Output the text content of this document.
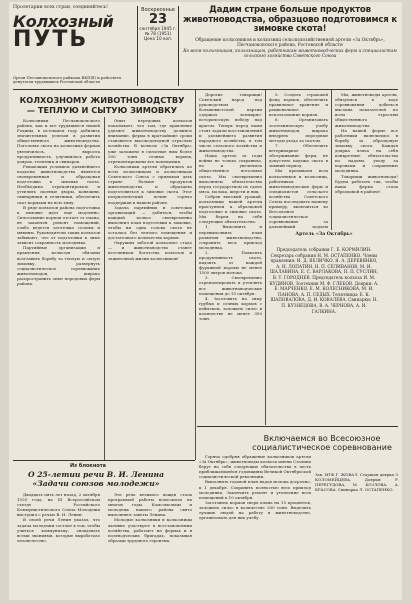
Пролетарии всех стран, соединяйтесь!
Колхозный
ПУТЬ
Орган Песчанокопского райкома ВКП(б) и райсовета депутатов трудящихся Ростовской области
Воскресенье
23
сентября 1945 г.
№ 78 (1951)
Цена 10 коп.
Дадим стране больше продуктов животноводства, образцово подготовимся к зимовке скота!
Обращение колхозников и колхозниц сельскохозяйственной артели «За Октябрь», Песчанокопского района, Ростовской области
Ко всем колхозникам, колхозницам, работникам животноводческих ферм и специалистам сельского хозяйства Советского Союза
КОЛХОЗНОМУ ЖИВОТНОВОДСТВУ — ТЕПЛУЮ И СЫТУЮ ЗИМОВКУ

Колхозники Песчанокопского района, как и все трудящиеся нашей Родины, в истекшем году добились значительных успехов в развитии общественного животноводства. Поголовье скота на колхозных фермах увеличилось, выросла продуктивность, улучшилась работа доярок, телятниц и свинарок.

Решающим условием дальнейшего подъема животноводства является своевременная и образцовая подготовка к зимовке скота. Необходимо отремонтировать и утеплить скотные дворы, конюшни, свинарники и телятники, обеспечить скот кормами на всю зиму.

В ряде колхозов района подготовка к зимовке идет еще медленно. Силосование кормов отстает от плана, не закончен ремонт помещений, слабо ведется заготовка соломы и мякины. Руководители таких колхозов забывают, что от подготовки к зиме зависит сохранность молодняка.

Партийные организации и правления колхозов обязаны возглавить борьбу за теплую и сытую зимовку, развернуть социалистическое соревнование животноводов, широко распространить опыт передовых ферм района.

Опыт передовых колхозов показывает, что там, где правление уделяет животноводству должное внимание, ферма в кратчайшие сроки становится высокодоходной отраслью хозяйства. В колхозе «За Октябрь» уже заложено в силосные ямы более 300 тонн сочных кормов, отремонтированы все помещения.

Колхозники артели обратились ко всем колхозникам и колхозницам Советского Союза с призывом дать стране больше продуктов животноводства и образцово подготовиться к зимовке скота. Этот патриотический почин горячо поддержан в нашем районе.

Задача партийных и советских организаций — добиться, чтобы каждый колхоз своевременно выполнил план подготовки к зимовке, чтобы ни одна голова скота не осталась без теплого помещения и достаточного количества кормов.

Окружим заботой колхозное стадо — и животноводство станет источником богатства колхозов и зажиточной жизни колхозников!

Дорогие товарищи! Советский народ под руководством большевистской партии одержал всемирно-историческую победу над врагом. Теперь перед нами стоят задачи восстановления и дальнейшего развития народного хозяйства, в том числе сельского хозяйства и животноводства.

Наша артель за годы войны не только сохранила, но и увеличила общественное поголовье скота. Мы своевременно выполняем обязательства перед государством по сдаче мяса, молока, шерсти и яиц.

Собрав высокий урожай, колхозники нашей артели приступили к образцовой подготовке к зимовке скота. Мы берем на себя следующие обязательства:

1. Выполнить и перевыполнить план развития животноводства, сохранить весь приплод молодняка.

2. Повысить продуктивность скота, надоить от каждой фуражной коровы не менее 1500 литров молока.

3. Своевременно отремонтировать и утеплить все животноводческие помещения до 15 октября.

4. Заготовить на зиму грубых и сочных кормов с избытком, заложить силос в количестве не менее 350 тонн.

5. Создать страховой фонд кормов, обеспечить правильное хранение и рациональное использование кормов.

6. Организовать зоотехническую учебу животноводов, широко внедрять передовые методы ухода за скотом.

7. Обеспечить ветеринарное обслуживание ферм, не допустить падежа скота в зимний период.

Мы призываем всех колхозников и колхозниц, работников животноводческих ферм и специалистов сельского хозяйства Советского Союза последовать нашему примеру, включиться во Всесоюзное социалистическое соревнование за дальнейший подъем

Мы, животноводы артели, обязуемся в ходе соревнования добиться высоких показателей по всем отраслям общественного животноводства.

На нашей ферме все работники включились в борьбу за образцовую зимовку скота. Каждая доярка взяла на себя конкретные обязательства по надоям, уходу за коровами и сохранению молодняка.

Товарищи животноводы! Будем работать так, чтобы наша ферма стала образцовой в районе!

Артель «За Октябрь»
Председатель собрания Г. Е. КОРМИЛИН. Секретарь собрания Н. М. ОСТАПЕНКО. Члены правления: И. Д. ВЕЛИЧКО, Я. А. ДЕРЕВЯНКО, А. Н. ЛОПАТИН, Н. П. СЕЛИВАНОВ, М. И. ШАЛАВИНА, Е. С. ВАРЛАКОВА, П. П. СУСЛИН, В. Т. ГОРОДНЕВ. Председатель колхоза И. М. КУДИНОВ. Зоотехник М. Ф. ГЛЕБОВ. Доярки: А. Е. МАРЧЕНКО, Е. М. КОЛЕСНИКОВА, М. И. ПАНОВА, А. П. СЕДЫХ. Телятницы: Е. К. ШАПОВАЛОВА, Д. И. КОВАЛЕВА. Свинарки: Н. П. КУЗНЕЦОВА, В. А. ЧЕРНОВА, А. И. ГАЛКИНА.
Включаемся во Всесоюзное социалистическое соревнование

Горячо одобряя обращение колхозников артели «За Октябрь», животноводы колхоза имени Сталина берут на себя следующие обязательства в честь приближающейся годовщины Великой Октябрьской социалистической революции.

Выполнить годовой план надоя молока досрочно, к 1 декабря. Сохранить полностью весь приплод молодняка. Закончить ремонт и утепление всех помещений к 10 октября.

Заготовить кормов сверх плана на 15 процентов, заложить силос в количестве 200 тонн. Выделить лучших людей на работу в животноводстве, организовать для них учебу.

Зав. МТФ Г. ЖОВАЛ. Старшая доярка З. КОЛОМЕЙЦЕВА. Доярки: Р. ПЕРЕГУДОВА, М. КОЗЛОВА, А. КРАСОВА. Свинарка Л. ОСТАПЕНКО.

Из блокнота
О 25-летии речи В. И. Ленина «Задачи союзов молодежи»

Двадцать пять лет назад, 2 октября 1920 года, на III Всероссийском съезде Российского Коммунистического Союза Молодежи выступил с речью В. И. Ленин.

В своей речи Ленин указал, что задача молодежи состоит в том, чтобы учиться коммунизму, овладевать всеми знаниями, которые выработало человечество.

Эта речь великого вождя стала программой работы комсомола на многие годы. Комсомольцы и молодежь нашего района свято выполняют заветы Ленина.

Молодые колхозники и колхозницы активно участвуют в восстановлении хозяйства, работают на фермах и в полеводческих бригадах, показывая образцы трудового героизма.
